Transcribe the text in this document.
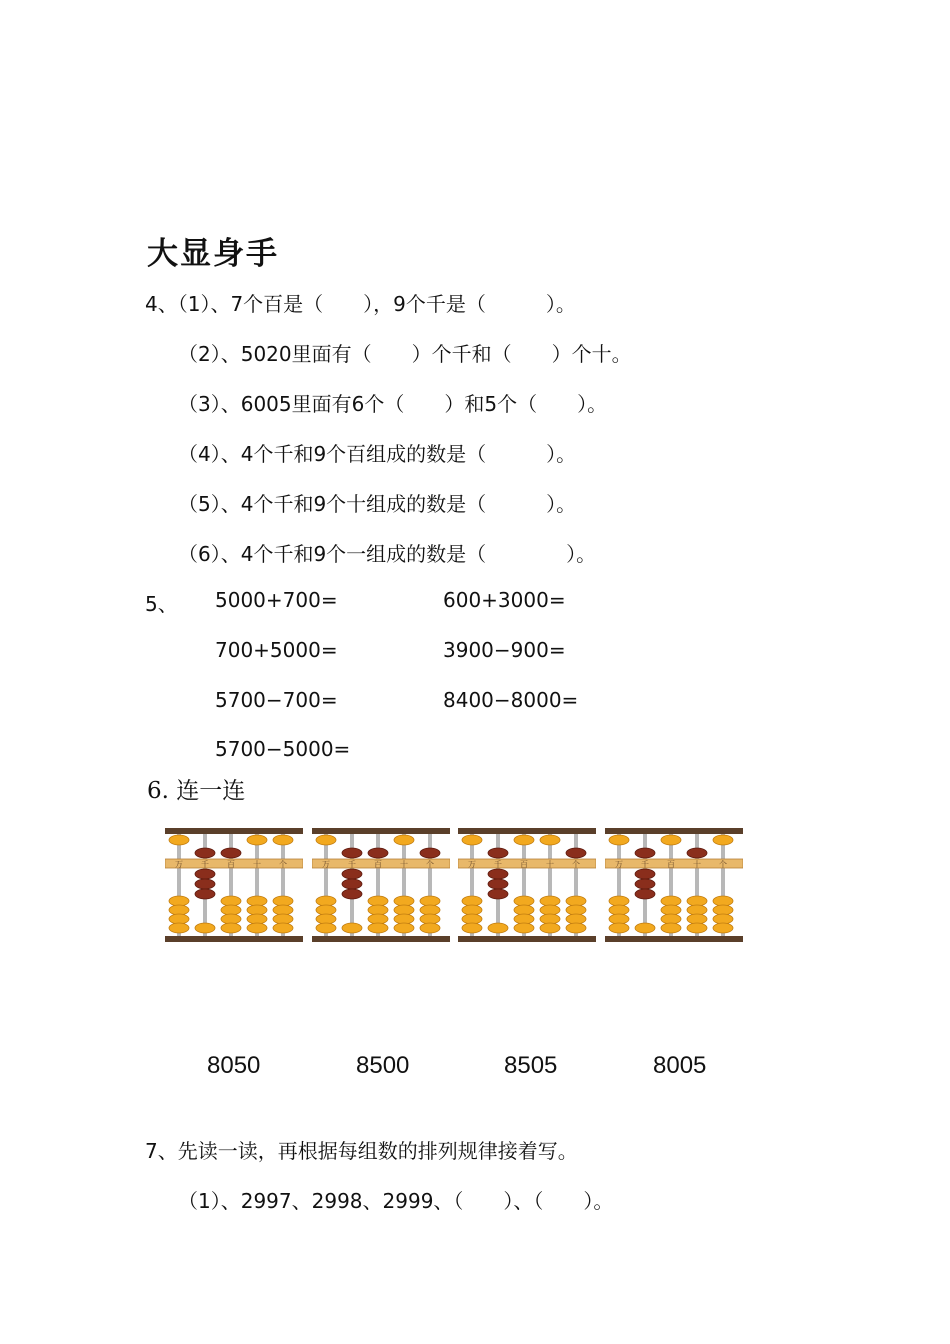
大显身手
4、（1）、7个百是（　　），9个千是（　　　）。
（2）、5020里面有（　　）个千和（　　）个十。
（3）、6005里面有6个（　　）和5个（　　）。
（4）、4个千和9个百组成的数是（　　　）。
（5）、4个千和9个十组成的数是（　　　）。
（6）、4个千和9个一组成的数是（　　　　）。
5、 5000+700=	600+3000=
700+5000=	3900−900=
5700−700=	8400−8000=
5700−5000=
6. 连一连
万 千 百 十 个	万 千 百 十 个	万 千 百 十 个	万 千 百 十 个
8050	8500	8505	8005
7、先读一读，再根据每组数的排列规律接着写。
（1）、2997、2998、2999、（　　）、（　　）。
